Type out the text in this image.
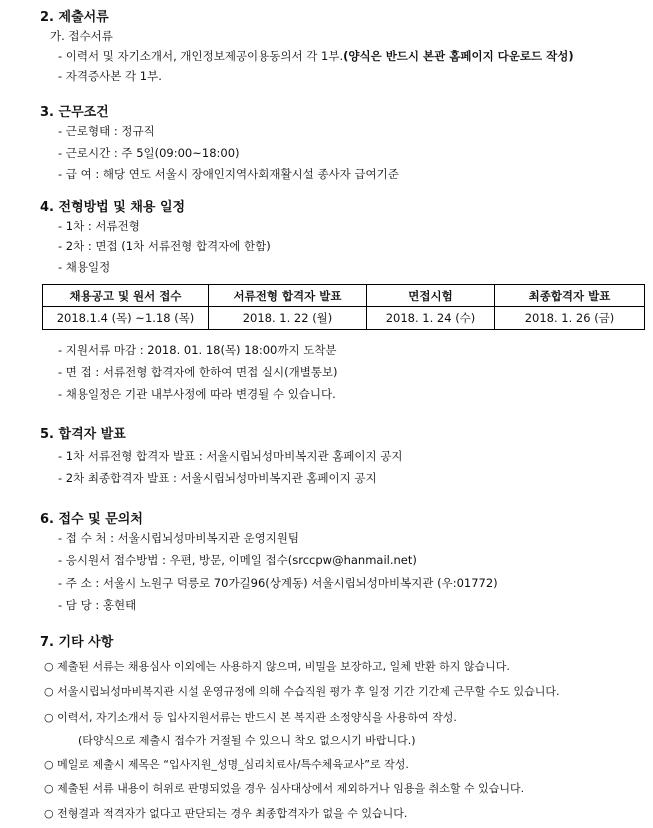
2. 제출서류
가. 접수서류
- 이력서 및 자기소개서, 개인정보제공이용동의서 각 1부.(양식은 반드시 본관 홈페이지 다운로드 작성)
- 자격증사본 각 1부.
3. 근무조건
- 근로형태 : 정규직
- 근로시간 : 주 5일(09:00~18:00)
- 급 여 : 해당 연도 서울시 장애인지역사회재활시설 종사자 급여기준
4. 전형방법 및 채용 일정
- 1차 : 서류전형
- 2차 : 면접 (1차 서류전형 합격자에 한함)
- 채용일정
채용공고 및 원서 접수	서류전형 합격자 발표	면접시험	최종합격자 발표
2018.1.4 (목) ~1.18 (목)	2018. 1. 22 (월)	2018. 1. 24 (수)	2018. 1. 26 (금)
- 지원서류 마감 : 2018. 01. 18(목) 18:00까지 도착분
- 면 접 : 서류전형 합격자에 한하여 면접 실시(개별통보)
- 채용일정은 기관 내부사정에 따라 변경될 수 있습니다.
5. 합격자 발표
- 1차 서류전형 합격자 발표 : 서울시립뇌성마비복지관 홈페이지 공지
- 2차 최종합격자 발표 : 서울시립뇌성마비복지관 홈페이지 공지
6. 접수 및 문의처
- 접 수 처 : 서울시립뇌성마비복지관 운영지원팀
- 응시원서 접수방법 : 우편, 방문, 이메일 접수(srccpw@hanmail.net)
- 주 소 : 서울시 노원구 덕릉로 70가길96(상계동) 서울시립뇌성마비복지관 (우:01772)
- 담 당 : 홍현태
7. 기타 사항
○ 제출된 서류는 채용심사 이외에는 사용하지 않으며, 비밀을 보장하고, 일체 반환 하지 않습니다.
○ 서울시립뇌성마비복지관 시설 운영규정에 의해 수습직원 평가 후 일정 기간 기간제 근무할 수도 있습니다.
○ 이력서, 자기소개서 등 입사지원서류는 반드시 본 복지관 소정양식을 사용하여 작성.
(타양식으로 제출시 접수가 거절될 수 있으니 착오 없으시기 바랍니다.)
○ 메일로 제출시 제목은 “입사지원_성명_심리치료사/특수체육교사”로 작성.
○ 제출된 서류 내용이 허위로 판명되었을 경우 심사대상에서 제외하거나 임용을 취소할 수 있습니다.
○ 전형결과 적격자가 없다고 판단되는 경우 최종합격자가 없을 수 있습니다.
